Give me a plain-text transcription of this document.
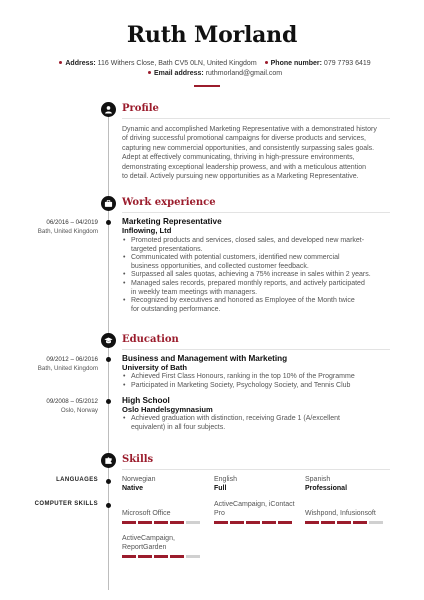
Ruth Morland
Address: 116 Withers Close, Bath CV5 0LN, United Kingdom Phone number: 079 7793 6419
Email address: ruthmorland@gmail.com
Profile
Dynamic and accomplished Marketing Representative with a demonstrated history
of driving successful promotional campaigns for diverse products and services,
capturing new commercial opportunities, and consistently surpassing sales goals.
Adept at effectively communicating, thriving in high-pressure environments,
demonstrating exceptional leadership prowess, and with a meticulous attention
to detail. Actively pursuing new opportunities as a Marketing Representative.
Work experience
06/2016 – 04/2019
Bath, United Kingdom
Marketing Representative
Inflowing, Ltd
• Promoted products and services, closed sales, and developed new market-
targeted presentations.
• Communicated with potential customers, identified new commercial
business opportunities, and collected customer feedback.
• Surpassed all sales quotas, achieving a 75% increase in sales within 2 years.
• Managed sales records, prepared monthly reports, and actively participated
in weekly team meetings with managers.
• Recognized by executives and honored as Employee of the Month twice
for outstanding performance.
Education
09/2012 – 06/2016
Bath, United Kingdom
Business and Management with Marketing
University of Bath
• Achieved First Class Honours, ranking in the top 10% of the Programme
• Participated in Marketing Society, Psychology Society, and Tennis Club
09/2008 – 05/2012
Oslo, Norway
High School
Oslo Handelsgymnasium
• Achieved graduation with distinction, receiving Grade 1 (A/excellent
equivalent) in all four subjects.
Skills
LANGUAGES	Norwegian
Native
English
Full
Spanish
Professional
COMPUTER SKILLS
Microsoft Office
ActiveCampaign, iContact Pro	Wishpond, Infusionsoft
ActiveCampaign, ReportGarden
